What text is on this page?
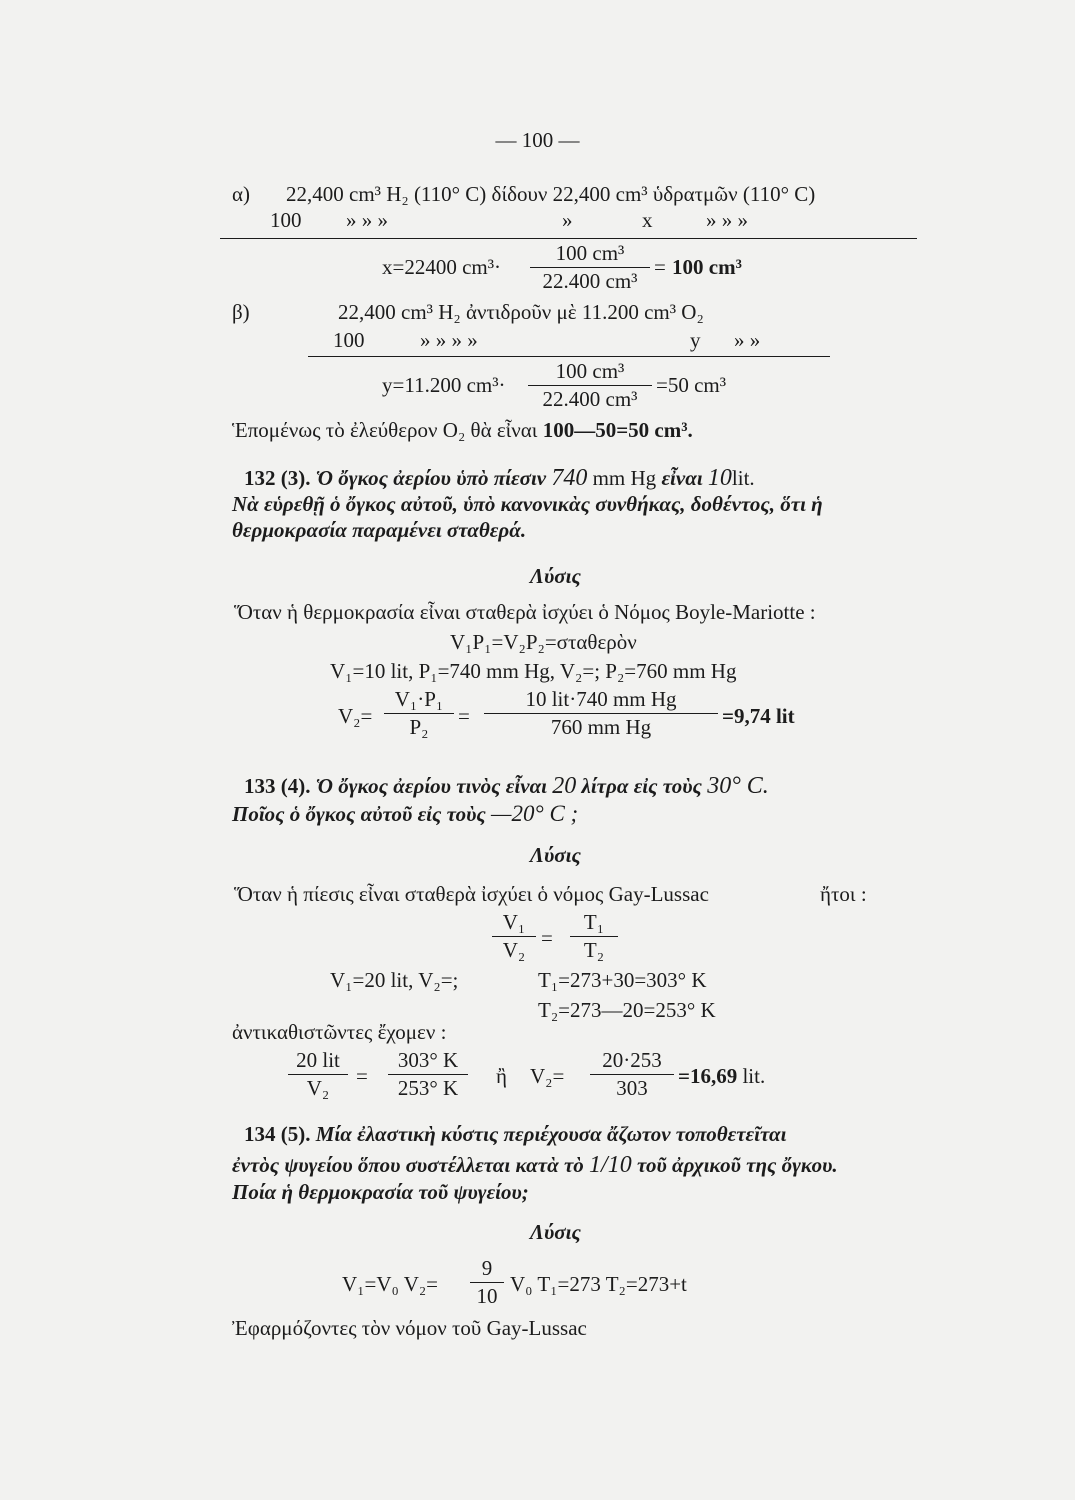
— 100 —
α) 22,400 cm³ H₂ (110° C) δίδουν 22,400 cm³ ὑδρατμῶν (110° C)
100 » » »	»	x	» » »
x=22400 $cm^3\cdot \frac{\text{100 cm³}}{\text{22.400 cm³}} = 100$ cm³
β)	22,400 cm³ H₂ ἀντιδροῦν μὲ 11.200 cm³ O₂
100	» » » »	y » »
y=11.200 $cm^3\cdot \frac{\text{100 cm³}}{\text{22.400 cm³}} =50$ cm³
Ἑπομένως τὸ ἐλεύθερον O₂ θὰ εἶναι 100—50=50 cm³.
132 (3). Ὁ ὄγκος ἀερίου ὑπὸ πίεσιν 740 mm Hg εἶναι 10lit.
Νὰ εὑρεθῇ ὁ ὄγκος αὐτοῦ, ὑπὸ κανονικὰς συνθήκας, δοθέντος, ὅτι ἡ
θερμοκρασία παραμένει σταθερά.
Λύσις
Ὅταν ἡ θερμοκρασία εἶναι σταθερὰ ἰσχύει ὁ Νόμος Boyle-Mariotte :
V₁P₁=V₂P₂=σταθερὸν
V₁=10 lit, P₁=740 mm Hg, V₂=; P₂=760 mm Hg
$V_2= \frac{\text{V₁·P₁}}{\text{P₂}}$ =
10 lit·740 mm Hg
760 mm Hg	=9,74 lit
133 (4). Ὁ ὄγκος ἀερίου τινὸς εἶναι 20 λίτρα εἰς τοὺς 30° C.
Ποῖος ὁ ὄγκος αὐτοῦ εἰς τοὺς —20° C ;
Λύσις
Ὅταν ἡ πίεσις εἶναι σταθερὰ ἰσχύει ὁ νόμος Gay-Lussac	ἤτοι :
$\frac{\text{V₁}}{\text{V₂}} = \frac{\text{T₁}}{\text{T₂}}$
V₁=20 lit, V₂=;	T₁=273+30=303° K
T₂=273—20=253° K
ἀντικαθιστῶντες ἔχομεν :
20 lit
V₂	= $\frac{303^\circ K}{253^\circ K}$ ἢ $V_2= \frac{20\cdot 253}{303} =16,69$ lit.
134 (5). Μία ἐλαστικὴ κύστις περιέχουσα ἄζωτον τοποθετεῖται
ἐντὸς ψυγείου ὅπου συστέλλεται κατὰ τὸ 1/10 τοῦ ἀρχικοῦ της ὄγκου.
Ποία ἡ θερμοκρασία τοῦ ψυγείου;
Λύσις
V₁=V₀ $V_2= \frac{9}{10} V_0$ T₁=273 T₂=273+t
Ἐφαρμόζοντες τὸν νόμον τοῦ Gay-Lussac
